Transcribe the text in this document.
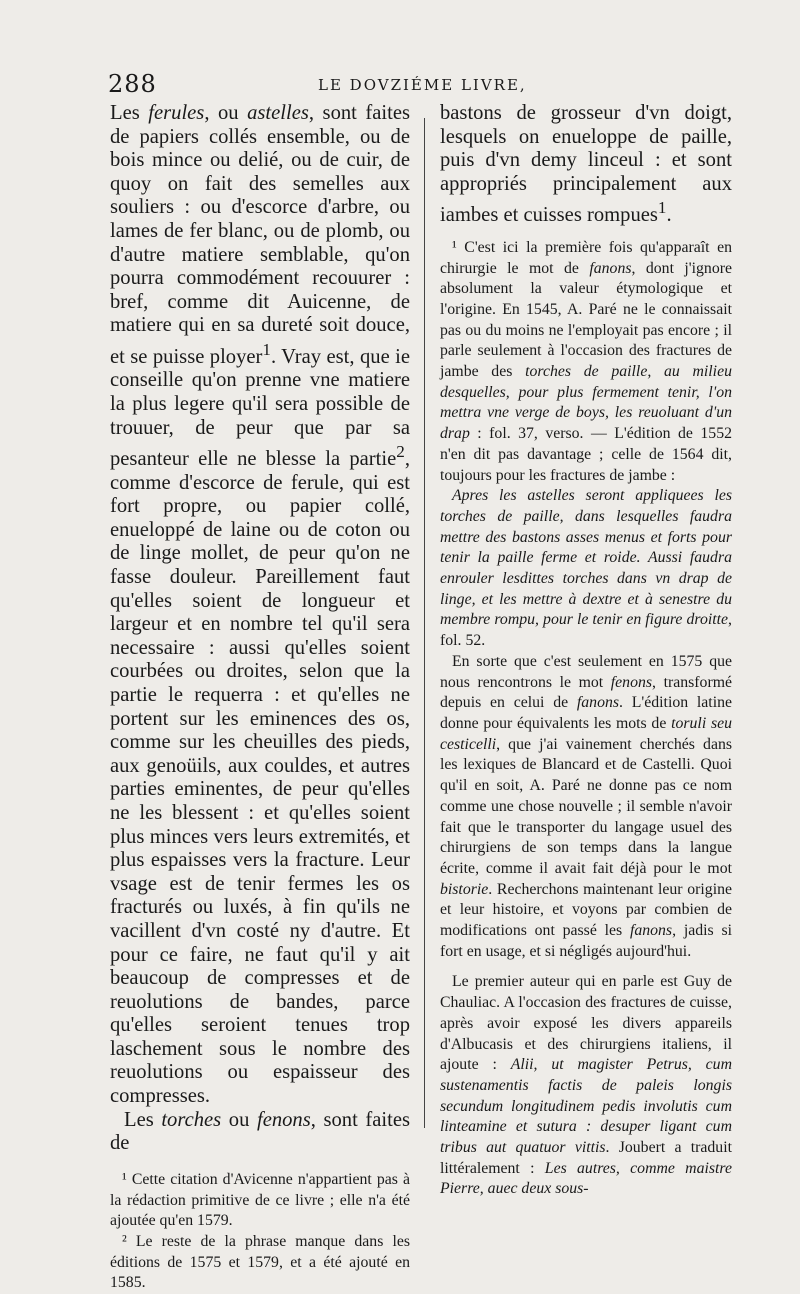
288	LE DOVZIÉME LIVRE,

Les ferules, ou astelles, sont faites de papiers collés ensemble, ou de bois mince ou delié, ou de cuir, de quoy on fait des semelles aux souliers : ou d'escorce d'arbre, ou lames de fer blanc, ou de plomb, ou d'autre matiere semblable, qu'on pourra commodément recouurer : bref, comme dit Auicenne, de matiere qui en sa dureté soit douce, et se puisse ployer$^1$. Vray est, que ie conseille qu'on prenne vne matiere la plus legere qu'il sera possible de trouuer, de peur que par sa pesanteur elle ne blesse la partie$^2$, comme d'escorce de ferule, qui est fort propre, ou papier collé, enueloppé de laine ou de coton ou de linge mollet, de peur qu'on ne fasse douleur. Pareillement faut qu'elles soient de longueur et largeur et en nombre tel qu'il sera necessaire : aussi qu'elles soient courbées ou droites, selon que la partie le requerra : et qu'elles ne portent sur les eminences des os, comme sur les cheuilles des pieds, aux genoüils, aux couldes, et autres parties eminentes, de peur qu'elles ne les blessent : et qu'elles soient plus minces vers leurs extremités, et plus espaisses vers la fracture. Leur vsage est de tenir fermes les os fracturés ou luxés, à fin qu'ils ne vacillent d'vn costé ny d'autre. Et pour ce faire, ne faut qu'il y ait beaucoup de compresses et de reuolutions de bandes, parce qu'elles seroient tenues trop laschement sous le nombre des reuolutions ou espaisseur des compresses.

Les torches ou fenons, sont faites de

¹ Cette citation d'Avicenne n'appartient pas à la rédaction primitive de ce livre ; elle n'a été ajoutée qu'en 1579.

² Le reste de la phrase manque dans les éditions de 1575 et 1579, et a été ajouté en 1585.

bastons de grosseur d'vn doigt, lesquels on enueloppe de paille, puis d'vn demy linceul : et sont appropriés principalement aux iambes et cuisses rompues$^1$.

¹ C'est ici la première fois qu'apparaît en chirurgie le mot de fanons, dont j'ignore absolument la valeur étymologique et l'origine. En 1545, A. Paré ne le connaissait pas ou du moins ne l'employait pas encore ; il parle seulement à l'occasion des fractures de jambe des torches de paille, au milieu desquelles, pour plus fermement tenir, l'on mettra vne verge de boys, les reuoluant d'un drap : fol. 37, verso. — L'édition de 1552 n'en dit pas davantage ; celle de 1564 dit, toujours pour les fractures de jambe :

Apres les astelles seront appliquees les torches de paille, dans lesquelles faudra mettre des bastons asses menus et forts pour tenir la paille ferme et roide. Aussi faudra enrouler lesdittes torches dans vn drap de linge, et les mettre à dextre et à senestre du membre rompu, pour le tenir en figure droitte, fol. 52.

En sorte que c'est seulement en 1575 que nous rencontrons le mot fenons, transformé depuis en celui de fanons. L'édition latine donne pour équivalents les mots de toruli seu cesticelli, que j'ai vainement cherchés dans les lexiques de Blancard et de Castelli. Quoi qu'il en soit, A. Paré ne donne pas ce nom comme une chose nouvelle ; il semble n'avoir fait que le transporter du langage usuel des chirurgiens de son temps dans la langue écrite, comme il avait fait déjà pour le mot bistorie. Recherchons maintenant leur origine et leur histoire, et voyons par combien de modifications ont passé les fanons, jadis si fort en usage, et si négligés aujourd'hui.

Le premier auteur qui en parle est Guy de Chauliac. A l'occasion des fractures de cuisse, après avoir exposé les divers appareils d'Albucasis et des chirurgiens italiens, il ajoute : Alii, ut magister Petrus, cum sustenamentis factis de paleis longis secundum longitudinem pedis involutis cum linteamine et sutura : desuper ligant cum tribus aut quatuor vittis. Joubert a traduit littéralement : Les autres, comme maistre Pierre, auec deux sous-
